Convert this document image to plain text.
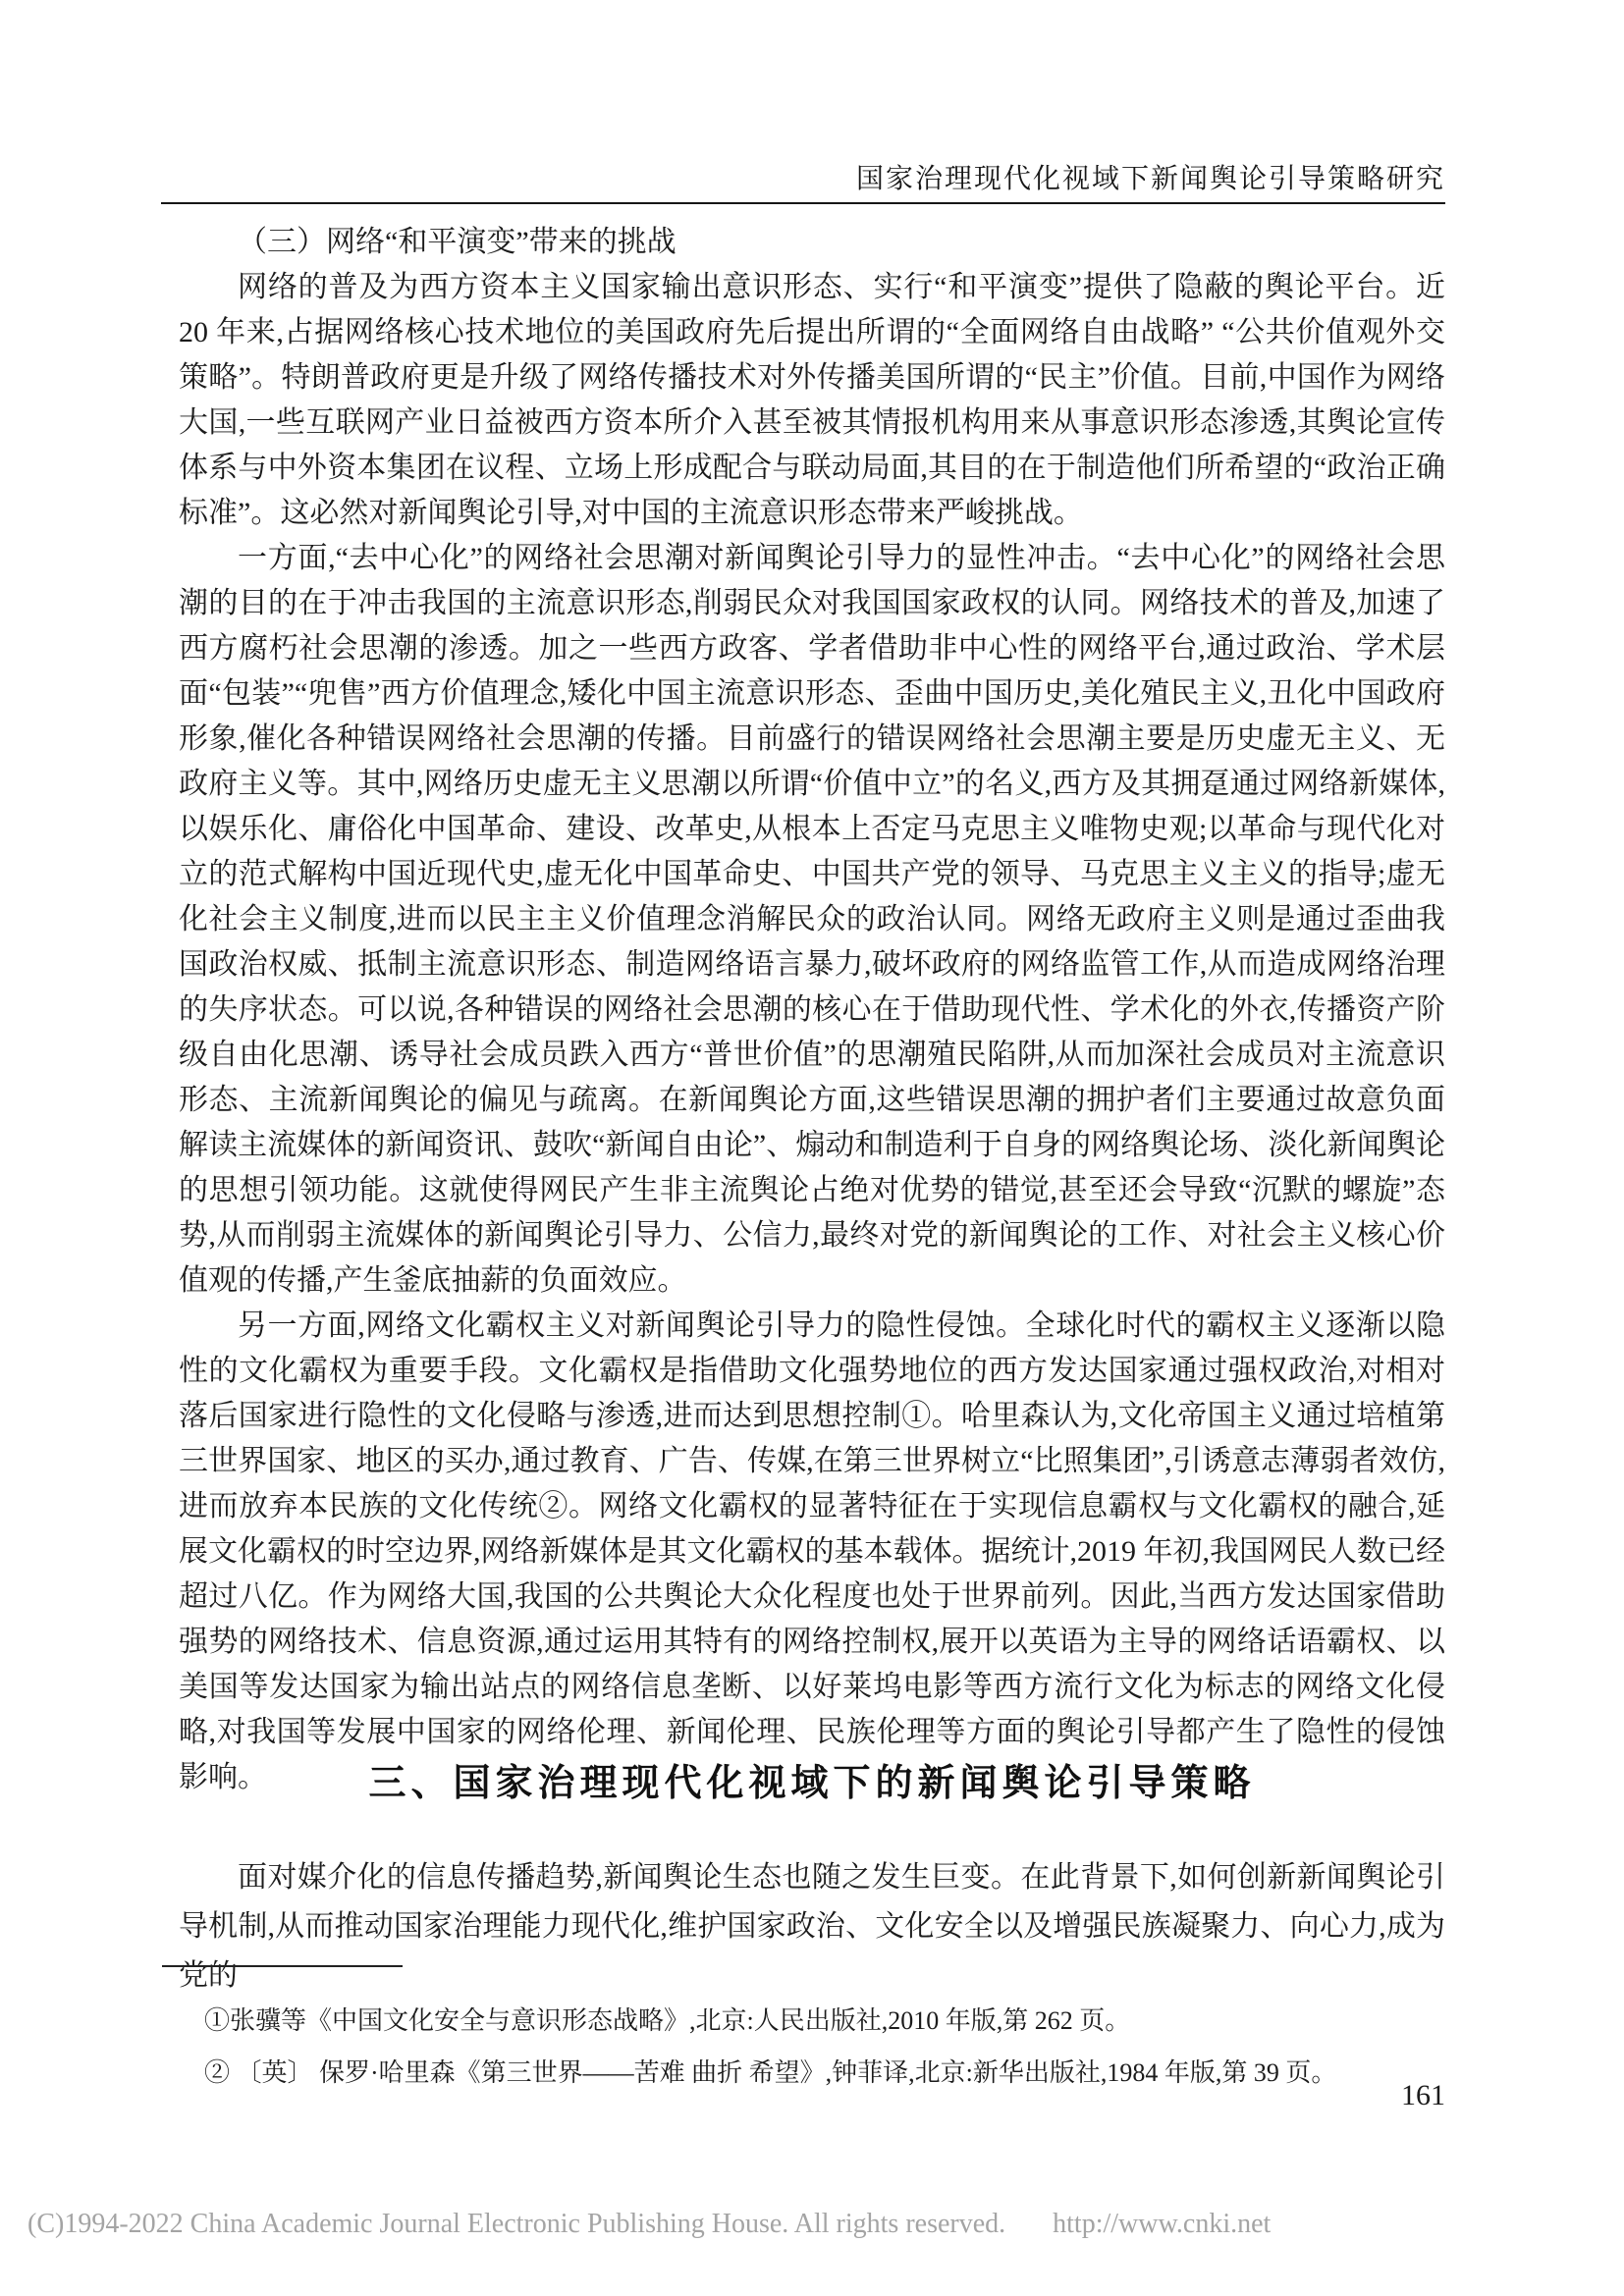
国家治理现代化视域下新闻舆论引导策略研究

（三）网络“和平演变”带来的挑战

网络的普及为西方资本主义国家输出意识形态、实行“和平演变”提供了隐蔽的舆论平台。近 20 年来,占据网络核心技术地位的美国政府先后提出所谓的“全面网络自由战略” “公共价值观外交策略”。特朗普政府更是升级了网络传播技术对外传播美国所谓的“民主”价值。目前,中国作为网络大国,一些互联网产业日益被西方资本所介入甚至被其情报机构用来从事意识形态渗透,其舆论宣传体系与中外资本集团在议程、立场上形成配合与联动局面,其目的在于制造他们所希望的“政治正确标准”。这必然对新闻舆论引导,对中国的主流意识形态带来严峻挑战。

一方面,“去中心化”的网络社会思潮对新闻舆论引导力的显性冲击。“去中心化”的网络社会思潮的目的在于冲击我国的主流意识形态,削弱民众对我国国家政权的认同。网络技术的普及,加速了西方腐朽社会思潮的渗透。加之一些西方政客、学者借助非中心性的网络平台,通过政治、学术层面“包装”“兜售”西方价值理念,矮化中国主流意识形态、歪曲中国历史,美化殖民主义,丑化中国政府形象,催化各种错误网络社会思潮的传播。目前盛行的错误网络社会思潮主要是历史虚无主义、无政府主义等。其中,网络历史虚无主义思潮以所谓“价值中立”的名义,西方及其拥趸通过网络新媒体,以娱乐化、庸俗化中国革命、建设、改革史,从根本上否定马克思主义唯物史观;以革命与现代化对立的范式解构中国近现代史,虚无化中国革命史、中国共产党的领导、马克思主义主义的指导;虚无化社会主义制度,进而以民主主义价值理念消解民众的政治认同。网络无政府主义则是通过歪曲我国政治权威、抵制主流意识形态、制造网络语言暴力,破坏政府的网络监管工作,从而造成网络治理的失序状态。可以说,各种错误的网络社会思潮的核心在于借助现代性、学术化的外衣,传播资产阶级自由化思潮、诱导社会成员跌入西方“普世价值”的思潮殖民陷阱,从而加深社会成员对主流意识形态、主流新闻舆论的偏见与疏离。在新闻舆论方面,这些错误思潮的拥护者们主要通过故意负面解读主流媒体的新闻资讯、鼓吹“新闻自由论”、煽动和制造利于自身的网络舆论场、淡化新闻舆论的思想引领功能。这就使得网民产生非主流舆论占绝对优势的错觉,甚至还会导致“沉默的螺旋”态势,从而削弱主流媒体的新闻舆论引导力、公信力,最终对党的新闻舆论的工作、对社会主义核心价值观的传播,产生釜底抽薪的负面效应。

另一方面,网络文化霸权主义对新闻舆论引导力的隐性侵蚀。全球化时代的霸权主义逐渐以隐性的文化霸权为重要手段。文化霸权是指借助文化强势地位的西方发达国家通过强权政治,对相对落后国家进行隐性的文化侵略与渗透,进而达到思想控制①。哈里森认为,文化帝国主义通过培植第三世界国家、地区的买办,通过教育、广告、传媒,在第三世界树立“比照集团”,引诱意志薄弱者效仿,进而放弃本民族的文化传统②。网络文化霸权的显著特征在于实现信息霸权与文化霸权的融合,延展文化霸权的时空边界,网络新媒体是其文化霸权的基本载体。据统计,2019 年初,我国网民人数已经超过八亿。作为网络大国,我国的公共舆论大众化程度也处于世界前列。因此,当西方发达国家借助强势的网络技术、信息资源,通过运用其特有的网络控制权,展开以英语为主导的网络话语霸权、以美国等发达国家为输出站点的网络信息垄断、以好莱坞电影等西方流行文化为标志的网络文化侵略,对我国等发展中国家的网络伦理、新闻伦理、民族伦理等方面的舆论引导都产生了隐性的侵蚀影响。	三、国家治理现代化视域下的新闻舆论引导策略

面对媒介化的信息传播趋势,新闻舆论生态也随之发生巨变。在此背景下,如何创新新闻舆论引导机制,从而推动国家治理能力现代化,维护国家政治、文化安全以及增强民族凝聚力、向心力,成为党的

①张骥等《中国文化安全与意识形态战略》,北京:人民出版社,2010 年版,第 262 页。

② 〔英〕 保罗·哈里森《第三世界——苦难 曲折 希望》,钟菲译,北京:新华出版社,1984 年版,第 39 页。

161
(C)1994-2022 China Academic Journal Electronic Publishing House. All rights reserved. http://www.cnki.net
